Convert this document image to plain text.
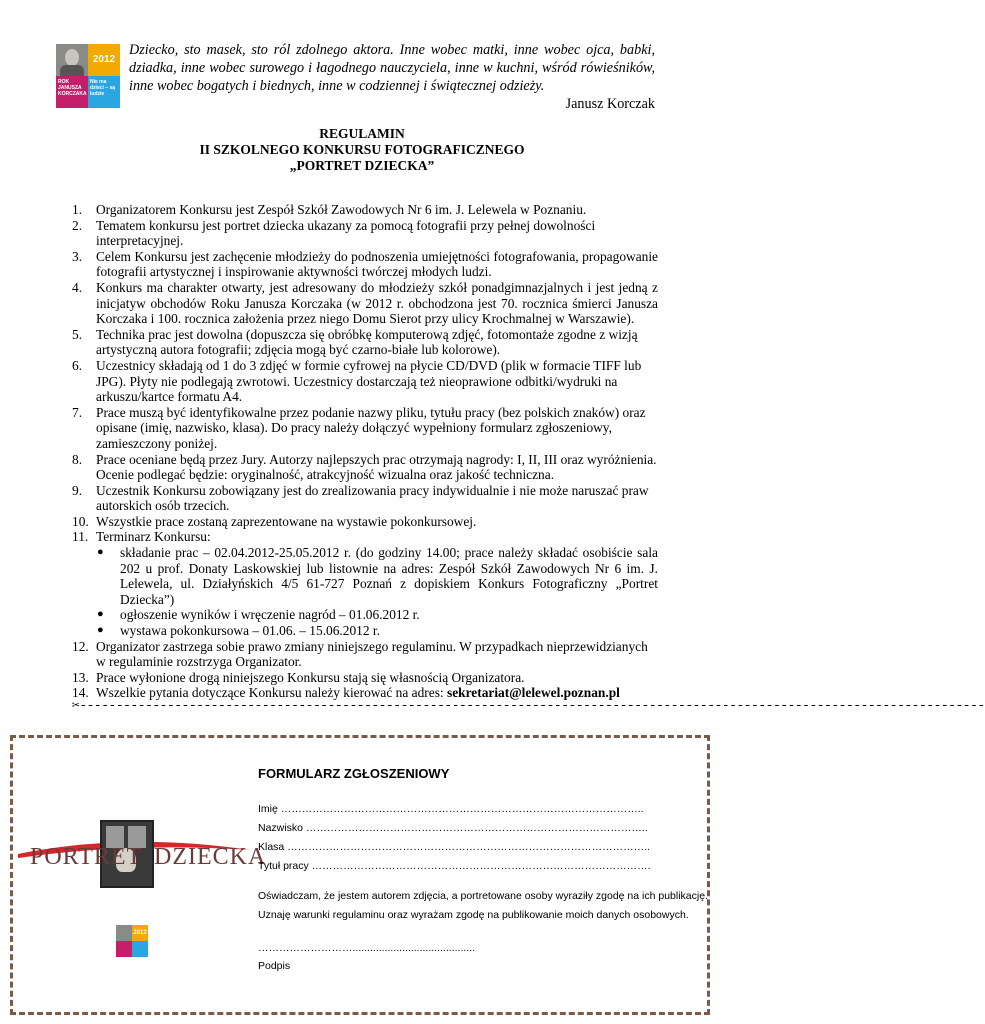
2012
ROK JANUSZA KORCZAKA
Nie ma dzieci – są ludzie
Dziecko, sto masek, sto ról zdolnego aktora. Inne wobec matki, inne wobec ojca, babki, dziadka, inne wobec surowego i łagodnego nauczyciela, inne w kuchni, wśród rówieśników, inne wobec bogatych i biednych, inne w codziennej i świątecznej odzieży.
Janusz Korczak
REGULAMIN
II SZKOLNEGO KONKURSU FOTOGRAFICZNEGO
„PORTRET DZIECKA”
1.	Organizatorem Konkursu jest Zespół Szkół Zawodowych Nr 6 im. J. Lelewela w Poznaniu.
2.	Tematem konkursu jest portret dziecka ukazany za pomocą fotografii przy pełnej dowolności interpretacyjnej.
3.	Celem Konkursu jest zachęcenie młodzieży do podnoszenia umiejętności fotografowania, propagowanie fotografii artystycznej i inspirowanie aktywności twórczej młodych ludzi.
4.	Konkurs ma charakter otwarty, jest adresowany do młodzieży szkół ponadgimnazjalnych i jest jedną z inicjatyw obchodów Roku Janusza Korczaka (w 2012 r. obchodzona jest 70. rocznica śmierci Janusza Korczaka i 100. rocznica założenia przez niego Domu Sierot przy ulicy Krochmalnej w Warszawie).
5.	Technika prac jest dowolna (dopuszcza się obróbkę komputerową zdjęć, fotomontaże zgodne z wizją artystyczną autora fotografii; zdjęcia mogą być czarno-białe lub kolorowe).
6.	Uczestnicy składają od 1 do 3 zdjęć w formie cyfrowej na płycie CD/DVD (plik w formacie TIFF lub JPG). Płyty nie podlegają zwrotowi. Uczestnicy dostarczają też nieoprawione odbitki/wydruki na arkuszu/kartce formatu A4.
7.	Prace muszą być identyfikowalne przez podanie nazwy pliku, tytułu pracy (bez polskich znaków) oraz opisane (imię, nazwisko, klasa). Do pracy należy dołączyć wypełniony formularz zgłoszeniowy, zamieszczony poniżej.
8.	Prace oceniane będą przez Jury. Autorzy najlepszych prac otrzymają nagrody: I, II, III oraz wyróżnienia. Ocenie podlegać będzie: oryginalność, atrakcyjność wizualna oraz jakość techniczna.
9.	Uczestnik Konkursu zobowiązany jest do zrealizowania pracy indywidualnie i nie może naruszać praw autorskich osób trzecich.
10. Wszystkie prace zostaną zaprezentowane na wystawie pokonkursowej.
11. Terminarz Konkursu:
● składanie prac – 02.04.2012-25.05.2012 r. (do godziny 14.00; prace należy składać osobiście sala 202 u prof. Donaty Laskowskiej lub listownie na adres: Zespół Szkół Zawodowych Nr 6 im. J. Lelewela, ul. Działyńskich 4/5 61-727 Poznań z dopiskiem Konkurs Fotograficzny „Portret Dziecka”)
● ogłoszenie wyników i wręczenie nagród – 01.06.2012 r.
● wystawa pokonkursowa – 01.06. – 15.06.2012 r.
12. Organizator zastrzega sobie prawo zmiany niniejszego regulaminu. W przypadkach nieprzewidzianych w regulaminie rozstrzyga Organizator.
13. Prace wyłonione drogą niniejszego Konkursu stają się własnością Organizatora.
14. Wszelkie pytania dotyczące Konkursu należy kierować na adres: sekretariat@lelewel.poznan.pl
✂----------------------------------------------------------------------------------------------------------------------------
PORTRET DZIECKA
2012
FORMULARZ ZGŁOSZENIOWY
Imię …………………………………………………………………………………………..
Nazwisko ……………………………………………………………………………………..
Klasa …………………………………………………………………………………………..
Tytuł pracy …………………………………………………………………………………….
Oświadczam, że jestem autorem zdjęcia, a portretowane osoby wyraziły zgodę na ich publikację.
Uznaję warunki regulaminu oraz wyrażam zgodę na publikowanie moich danych osobowych.
………………………..........................................
Podpis
